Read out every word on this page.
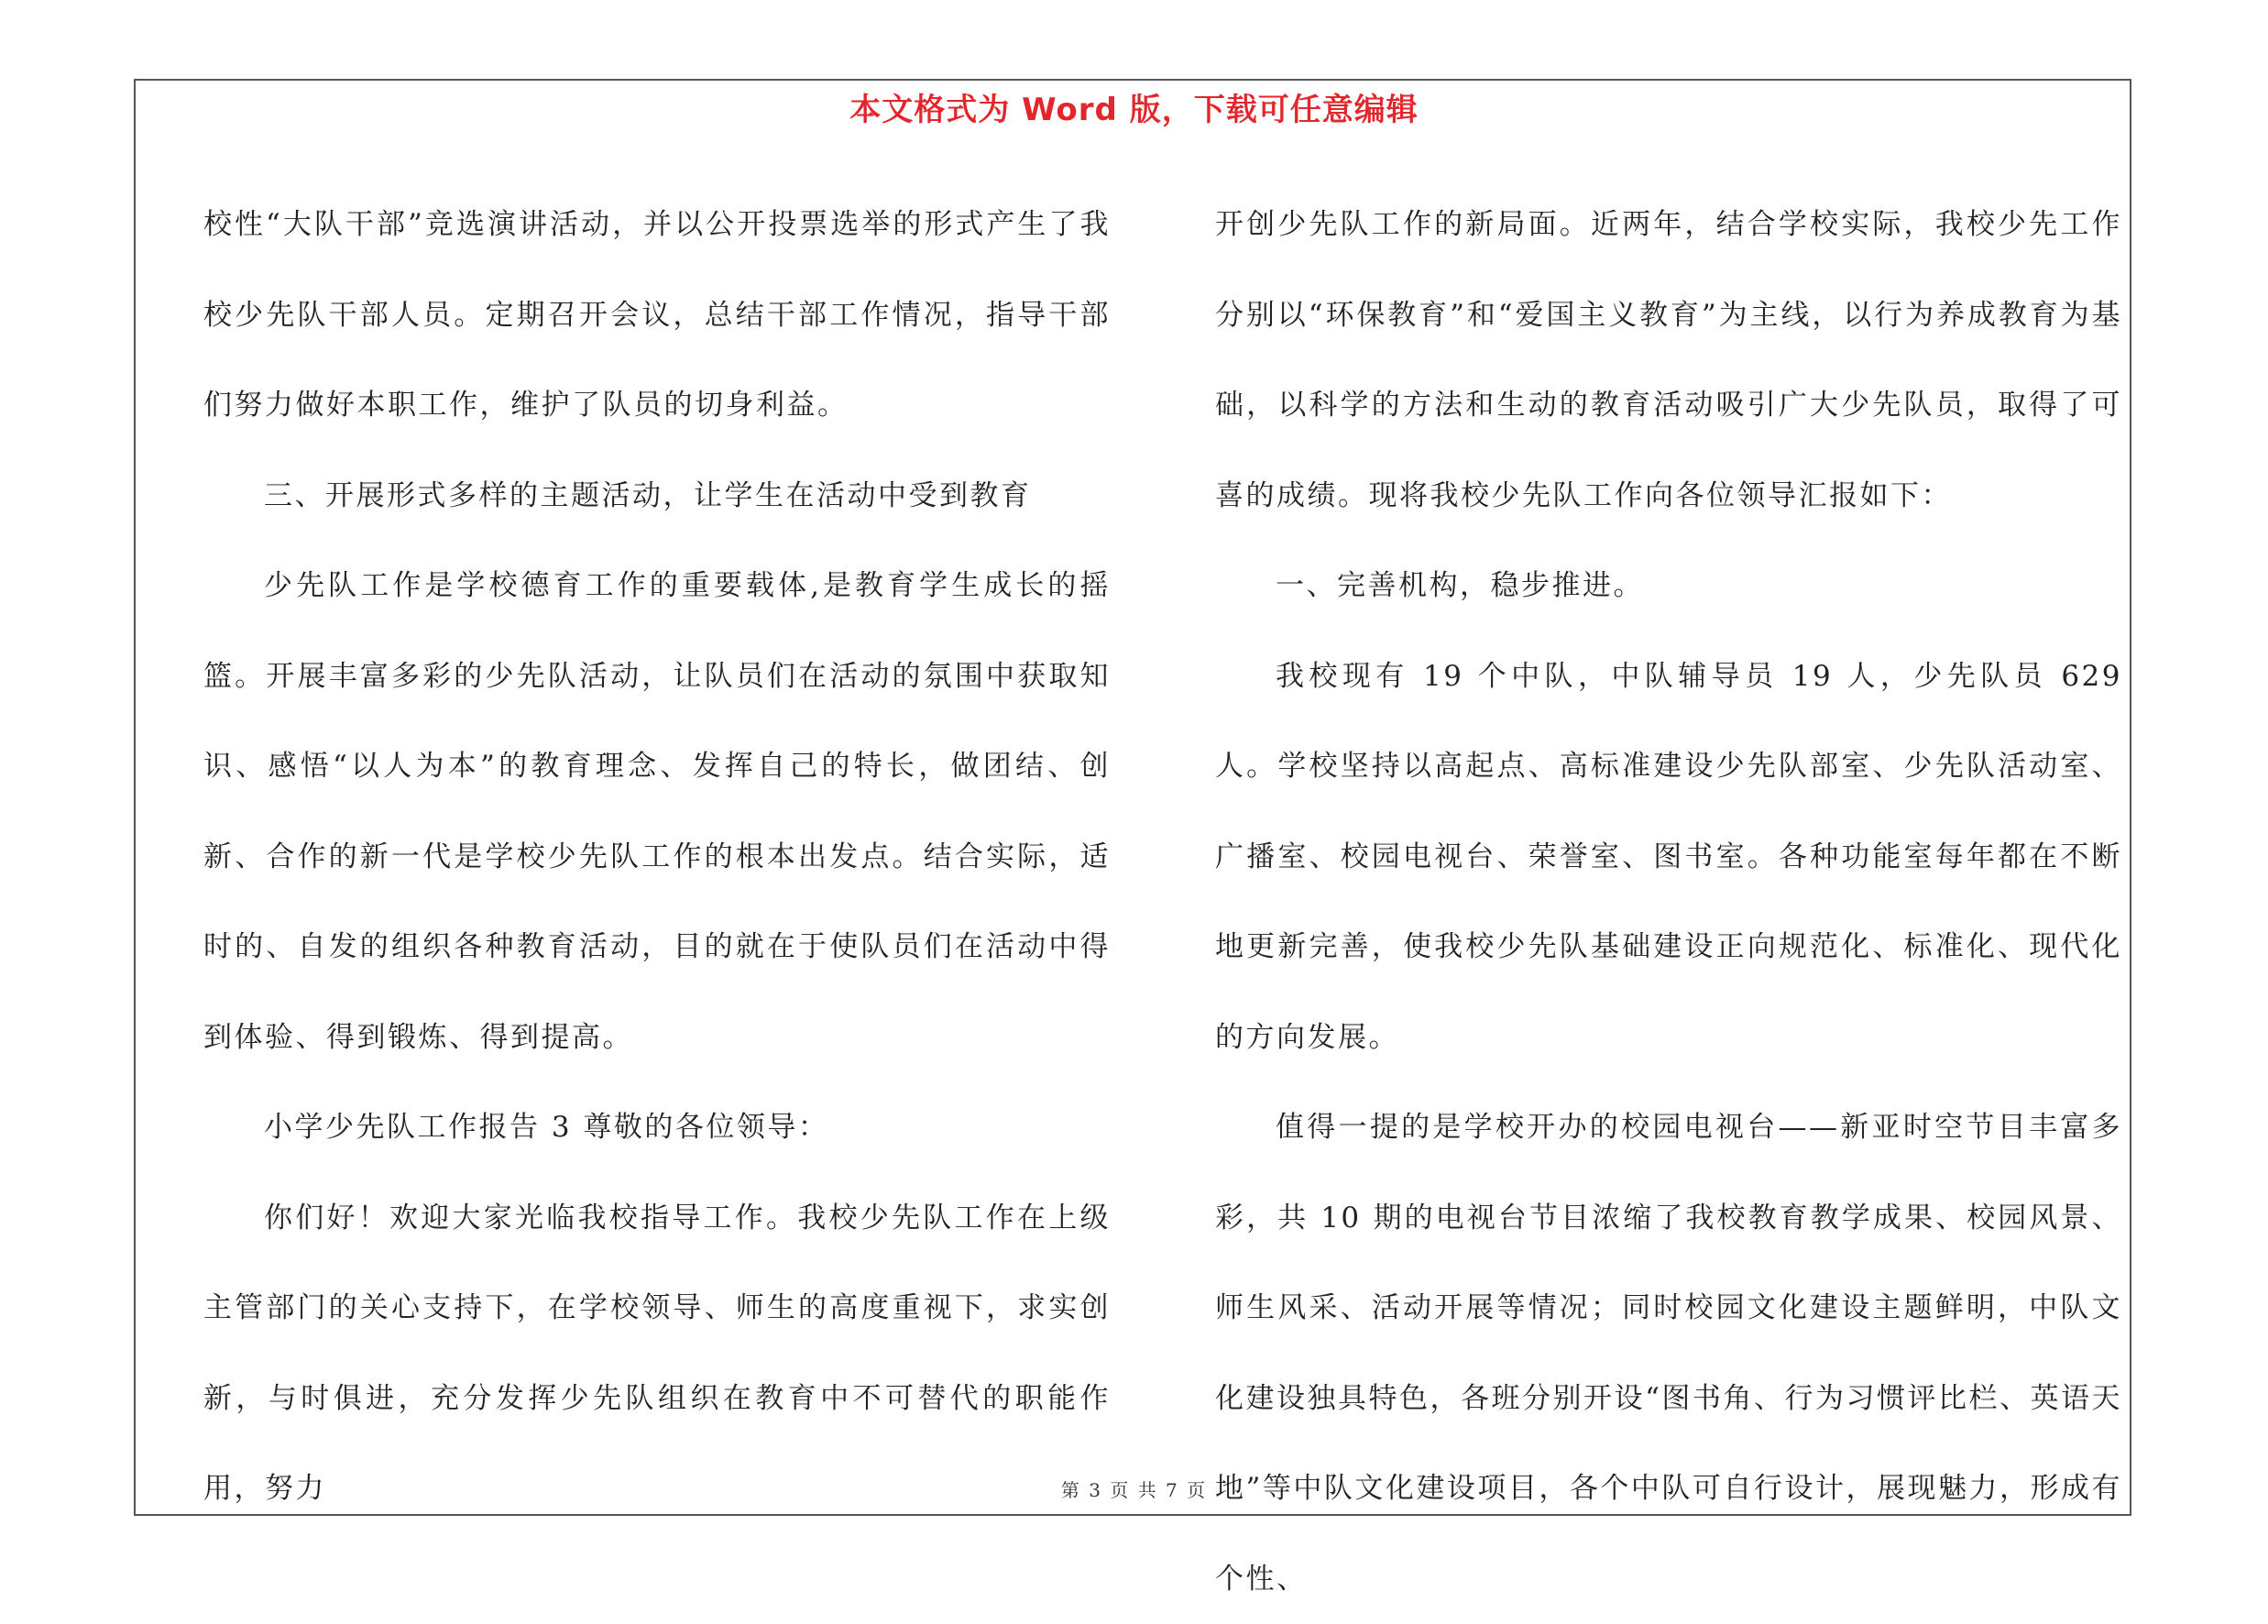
本文格式为 Word 版，下载可任意编辑

校性“大队干部”竞选演讲活动，并以公开投票选举的形式产生了我校少先队干部人员。定期召开会议，总结干部工作情况，指导干部们努力做好本职工作，维护了队员的切身利益。

三、开展形式多样的主题活动，让学生在活动中受到教育

少先队工作是学校德育工作的重要载体,是教育学生成长的摇篮。开展丰富多彩的少先队活动，让队员们在活动的氛围中获取知识、感悟“以人为本”的教育理念、发挥自己的特长，做团结、创新、合作的新一代是学校少先队工作的根本出发点。结合实际，适时的、自发的组织各种教育活动，目的就在于使队员们在活动中得到体验、得到锻炼、得到提高。

小学少先队工作报告 3 尊敬的各位领导：

你们好！欢迎大家光临我校指导工作。我校少先队工作在上级主管部门的关心支持下，在学校领导、师生的高度重视下，求实创新，与时俱进，充分发挥少先队组织在教育中不可替代的职能作用，努力

开创少先队工作的新局面。近两年，结合学校实际，我校少先工作分别以“环保教育”和“爱国主义教育”为主线，以行为养成教育为基础，以科学的方法和生动的教育活动吸引广大少先队员，取得了可喜的成绩。现将我校少先队工作向各位领导汇报如下：

一、完善机构，稳步推进。

我校现有 19 个中队，中队辅导员 19 人，少先队员 629 人。学校坚持以高起点、高标准建设少先队部室、少先队活动室、广播室、校园电视台、荣誉室、图书室。各种功能室每年都在不断地更新完善，使我校少先队基础建设正向规范化、标准化、现代化的方向发展。

值得一提的是学校开办的校园电视台——新亚时空节目丰富多彩，共 10 期的电视台节目浓缩了我校教育教学成果、校园风景、师生风采、活动开展等情况；同时校园文化建设主题鲜明，中队文化建设独具特色，各班分别开设“图书角、行为习惯评比栏、英语天地”等中队文化建设项目，各个中队可自行设计，展现魅力，形成有个性、

第 3 页 共 7 页
